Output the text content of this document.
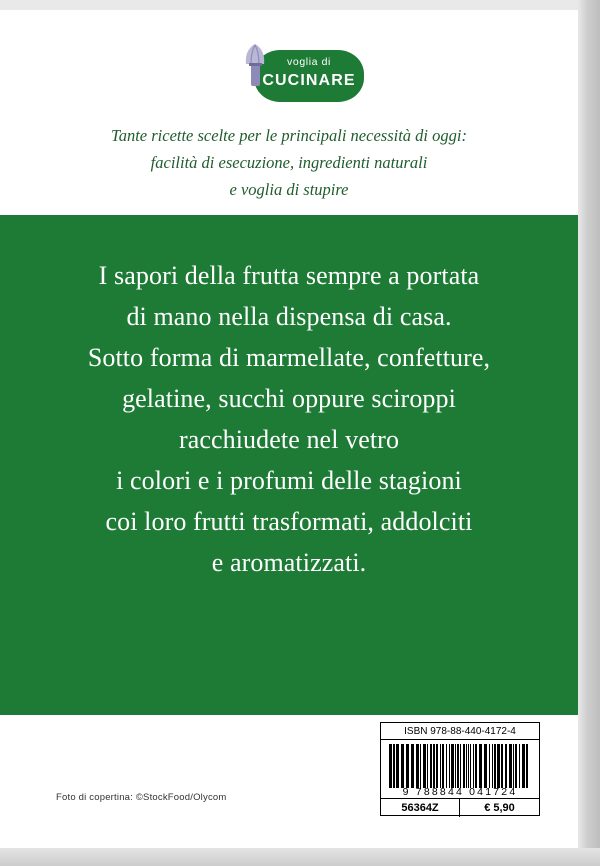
voglia di
CUCINARE
Tante ricette scelte per le principali necessità di oggi:
facilità di esecuzione, ingredienti naturali
e voglia di stupire
I sapori della frutta sempre a portata
di mano nella dispensa di casa.
Sotto forma di marmellate, confetture,
gelatine, succhi oppure sciroppi
racchiudete nel vetro
i colori e i profumi delle stagioni
coi loro frutti trasformati, addolciti
e aromatizzati.
Foto di copertina: ©StockFood/Olycom
ISBN 978-88-440-4172-4
9 788844 041724
56364Z	€ 5,90
